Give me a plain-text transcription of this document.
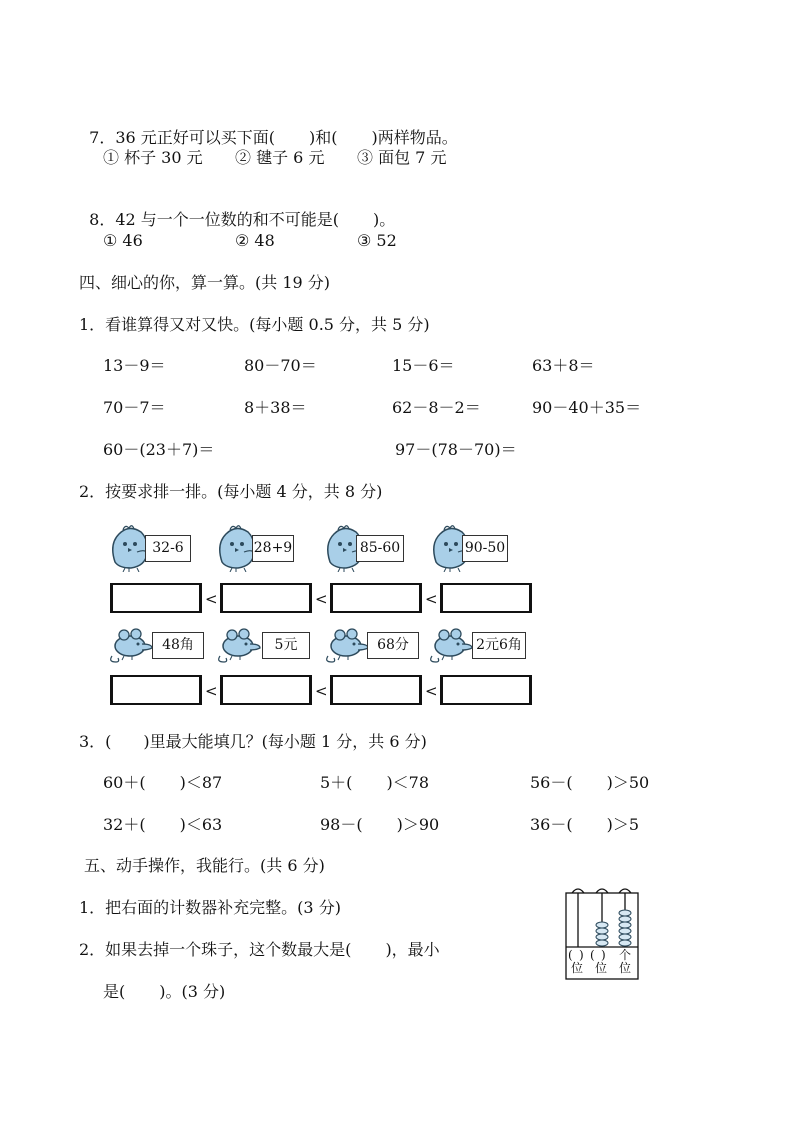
7．36 元正好可以买下面( )和( )两样物品。

① 杯子 30 元 ② 毽子 6 元 ③ 面包 7 元

8．42 与一个一位数的和不可能是( )。

① 46	② 48	③ 52
四、细心的你，算一算。(共 19 分)
1．看谁算得又对又快。(每小题 0.5 分，共 5 分)
13－9＝	80－70＝	15－6＝	63＋8＝
70－7＝	8＋38＝	62－8－2＝	90－40＋35＝
60－(23＋7)＝	97－(78－70)＝
2．按要求排一排。(每小题 4 分，共 8 分)
32-6	28+9	85-60	90-50
<	<	<
48角	5元	68分	2元6角
<	<	<
3．(　　)里最大能填几？(每小题 1 分，共 6 分)
60＋( )＜87	5＋( )＜78	56－( )＞50
32＋( )＜63	98－( )＞90	36－( )＞5
五、动手操作，我能行。(共 6 分)
1．把右面的计数器补充完整。(3 分)
2．如果去掉一个珠子，这个数最大是( )，最小
是( )。(3 分)
( ) ( ) 个
位 位 位
